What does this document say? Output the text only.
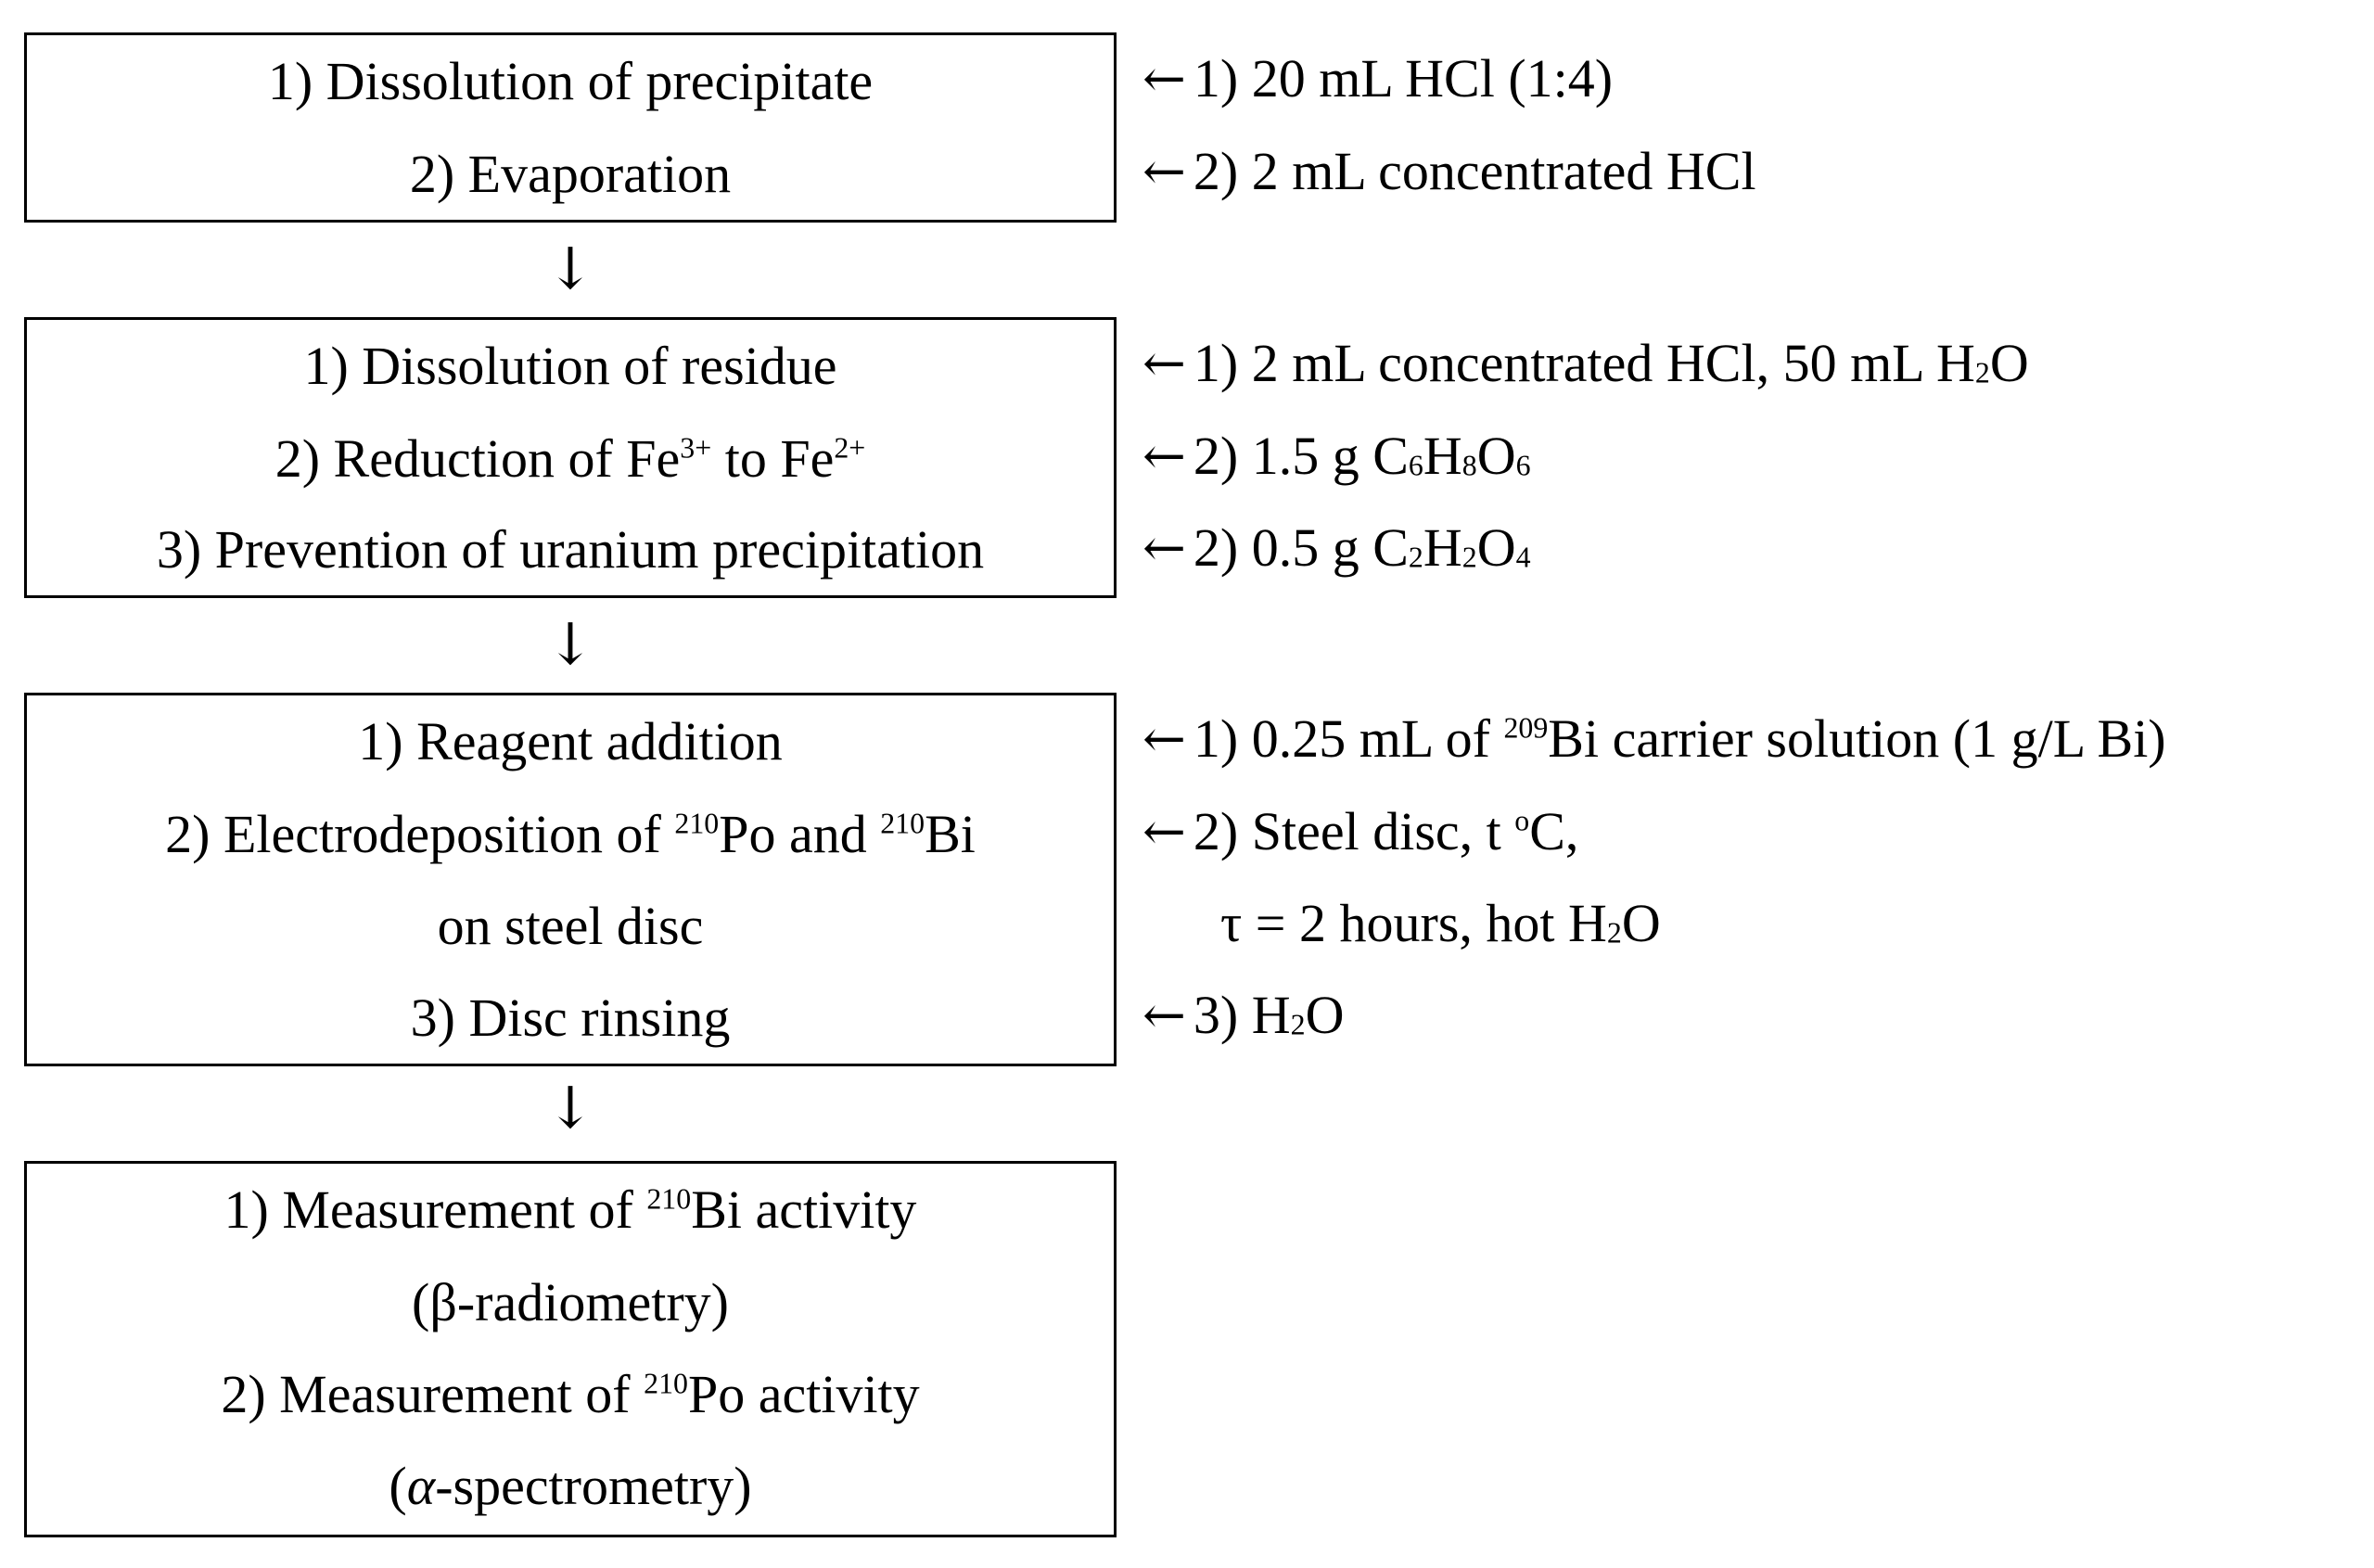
1) Dissolution of precipitate
2) Evaporation
← 1) 20 mL HCl (1:4)
← 2) 2 mL concentrated HCl
↓
1) Dissolution of residue
2) Reduction of $Fe^{3+}$ to $Fe^{2+}$
3) Prevention of uranium precipitation
← 1) 2 mL concentrated HCl, 50 mL $H_2O$
← 2) 1.5 g $C_6H_8O_6$
← 2) 0.5 g $C_2H_2O_4$
↓
1) Reagent addition
2) Electrodeposition of $^{210}$Po and $^{210}$Bi
on steel disc
3) Disc rinsing
← 1) 0.25 mL of $^{209}$Bi carrier solution (1 g/L Bi)
← 2) Steel disc, t $^o$C,
τ = 2 hours, hot $H_2O$
← 3) $H_2O$
↓
1) Measurement of $^{210}$Bi activity
(β-radiometry)
2) Measurement of $^{210}$Po activity
(α-spectrometry)
